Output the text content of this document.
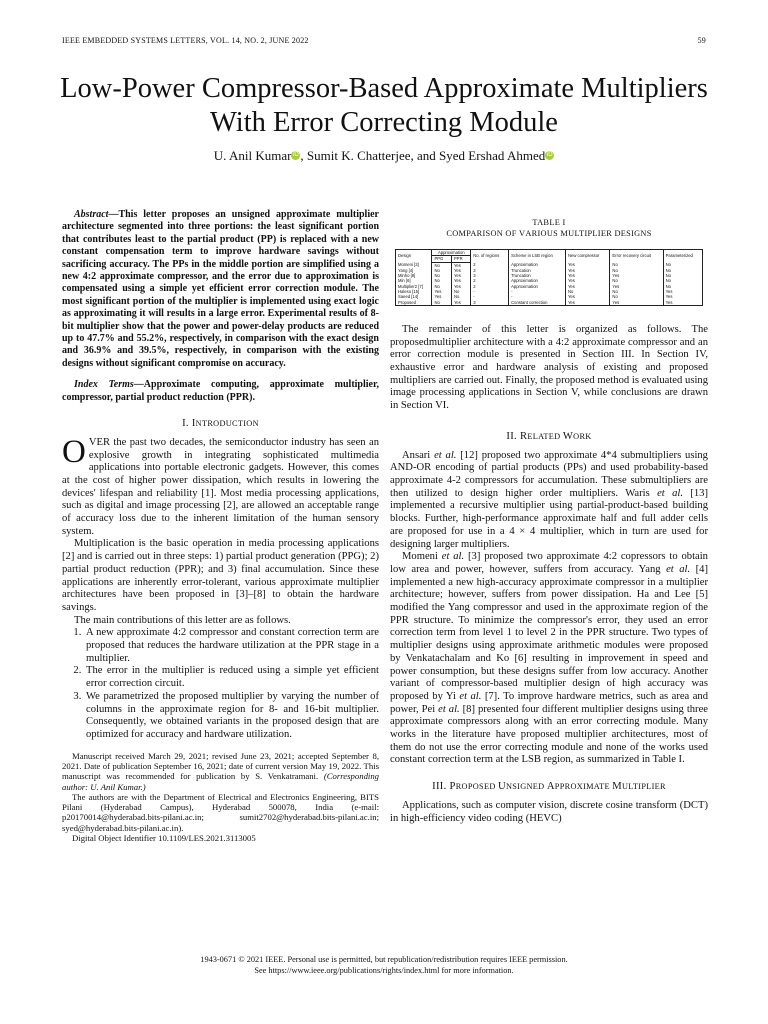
IEEE EMBEDDED SYSTEMS LETTERS, VOL. 14, NO. 2, JUNE 2022	59
Low-Power Compressor-Based Approximate Multipliers With Error Correcting Module
U. Anil Kumar iD , Sumit K. Chatterjee, and Syed Ershad Ahmed iD

Abstract—This letter proposes an unsigned approximate multiplier architecture segmented into three portions: the least significant portion that contributes least to the partial product (PP) is replaced with a new constant compensation term to improve hardware savings without sacrificing accuracy. The PPs in the middle portion are simplified using a new 4:2 approximate compressor, and the error due to approximation is compensated using a simple yet efficient error correction module. The most significant portion of the multiplier is implemented using exact logic as approximating it will results in a large error. Experimental results of 8-bit multiplier show that the power and power-delay products are reduced up to 47.7% and 55.2%, respectively, in comparison with the exact design and 36.9% and 39.5%, respectively, in comparison with the existing designs without significant compromise on accuracy.

Index Terms—Approximate computing, approximate multiplier, compressor, partial product reduction (PPR).

I. INTRODUCTION

OVER the past two decades, the semiconductor industry has seen an explosive growth in integrating sophisticated multimedia applications into portable electronic gadgets. However, this comes at the cost of higher power dissipation, which results in lowering the devices' lifespan and reliability [1]. Most media processing applications, such as digital and image processing [2], are allowed an acceptable range of accuracy loss due to the inherent limitation of the human sensory system.

Multiplication is the basic operation in media processing applications [2] and is carried out in three steps: 1) partial product generation (PPG); 2) partial product reduction (PPR); and 3) final accumulation. Since these applications are inherently error-tolerant, various approximate multiplier architectures have been proposed in [3]–[8] to obtain the hardware savings.

The main contributions of this letter are as follows.

1. A new approximate 4:2 compressor and constant correction term are proposed that reduces the hardware utilization at the PPR stage in a multiplier.
2. The error in the multiplier is reduced using a simple yet efficient error correction circuit.
3. We parametrized the proposed multiplier by varying the number of columns in the approximate region for 8- and 16-bit multiplier. Consequently, we obtained variants in the proposed design that are optimized for accuracy and hardware utilization.

Manuscript received March 29, 2021; revised June 23, 2021; accepted September 8, 2021. Date of publication September 16, 2021; date of current version May 19, 2022. This manuscript was recommended for publication by S. Venkatramani. (Corresponding author: U. Anil Kumar.)

The authors are with the Department of Electrical and Electronics Engineering, BITS Pilani (Hyderabad Campus), Hyderabad 500078, India (e-mail: p20170014@hyderabad.bits-pilani.ac.in; sumit2702@hyderabad.bits-pilani.ac.in; syed@hyderabad.bits-pilani.ac.in).

Digital Object Identifier 10.1109/LES.2021.3113005

TABLE I
COMPARISON OF VARIOUS MULTIPLIER DESIGNS
Design	Approximation		No. of regions	Scheme in LSB region	New compressor	Error recovery circuit	Parameterized
	PPG	PPR					
Momeni [3]	No	Yes	2	Approximation	Yes	No	No
Yang [4]	No	Yes	3	Truncation	Yes	No	No
Minho [8]	No	Yes	3	Truncation	Yes	Yes	No
Min [6]	No	Yes	2	Approximation	Yes	No	No
Multiplier2 [7]	No	Yes	2	Approximation	Yes	Yes	No
Haleso [15]	Yes	No	-	-	No	No	Yes
Saeed [14]	Yes	No	-	-	Yes	No	Yes
Proposed	No	Yes	3	Constant correction	Yes	Yes	Yes

The remainder of this letter is organized as follows. The proposedmultiplier architecture with a 4:2 approximate compressor and an error correction module is presented in Section III. In Section IV, exhaustive error and hardware analysis of existing and proposed multipliers are carried out. Finally, the proposed method is evaluated using image processing applications in Section V, while conclusions are drawn in Section VI.

II. RELATED WORK

Ansari et al. [12] proposed two approximate 4*4 submultipliers using AND-OR encoding of partial products (PPs) and used probability-based approximate 4-2 compressors for accumulation. These submultipliers are then utilized to design higher order multipliers. Waris et al. [13] implemented a recursive multiplier using partial-product-based building blocks. Further, high-performance approximate half and full adder cells are proposed for use in a 4 × 4 multiplier, which in turn are used for designing larger multipliers.

Momeni et al. [3] proposed two approximate 4:2 copressors to obtain low area and power, however, suffers from accuracy. Yang et al. [4] implemented a new high-accuracy approximate compressor in a multiplier architecture; however, suffers from power dissipation. Ha and Lee [5] modified the Yang compressor and used in the approximate region of the PPR structure. To minimize the compressor's error, they used an error correction term from level 1 to level 2 in the PPR structure. Two types of multiplier designs using approximate arithmetic modules were proposed by Venkatachalam and Ko [6] resulting in improvement in speed and power consumption, but these designs suffer from low accuracy. Another variant of compressor-based multiplier design of high accuracy was proposed by Yi et al. [7]. To improve hardware metrics, such as area and power, Pei et al. [8] presented four different multiplier designs using three approximate compressors along with an error correcting module. Many works in the literature have proposed multiplier architectures, most of them do not use the error correcting module and none of the works used constant correction term at the LSB region, as summarized in Table I.

III. PROPOSED UNSIGNED APPROXIMATE MULTIPLIER

Applications, such as computer vision, discrete cosine transform (DCT) in high-efficiency video coding (HEVC)

1943-0671 © 2021 IEEE. Personal use is permitted, but republication/redistribution requires IEEE permission.
See https://www.ieee.org/publications/rights/index.html for more information.
